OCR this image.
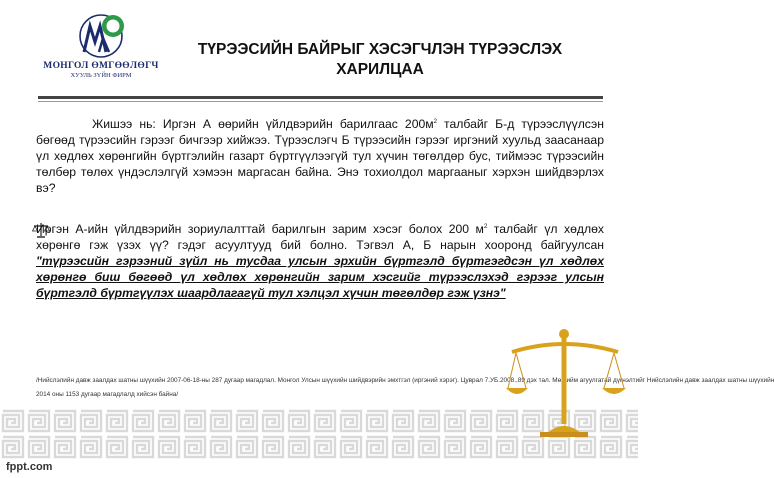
МОНГОЛ ӨМГӨӨЛӨГЧ
ХУУЛЬ ЗҮЙН ФИРМ
ТҮРЭЭСИЙН БАЙРЫГ ХЭСЭГЧЛЭН ТҮРЭЭСЛЭХ
ХАРИЛЦАА
Жишээ нь: Иргэн А өөрийн үйлдвэрийн барилгаас $200м^2$ талбайг Б-д түрээслүүлсэн бөгөөд түрээсийн гэрээг бичгээр хийжээ. Түрээслэгч Б түрээсийн гэрээг иргэний хуульд заасанаар үл хөдлөх хөрөнгийн бүртгэлийн газарт бүртгүүлээгүй тул хүчин төгөлдөр бус, тиймээс түрээсийн төлбөр төлөх үндэслэлгүй хэмээн маргасан байна. Энэ тохиолдол маргааныг хэрхэн шийдвэрлэх вэ?
Иргэн А-ийн үйлдвэрийн зориулалттай барилгын зарим хэсэг болох 200 $м^2$ талбайг үл хөдлөх хөрөнгө гэж үзэх үү? гэдэг асуултууд бий болно. Тэгвэл А, Б нарын хооронд байгуулсан "түрээсийн гэрээний зүйл нь тусдаа улсын эрхийн бүртгэлд бүртгэгдсэн үл хөдлөх хөрөнгө биш бөгөөд үл хөдлөх хөрөнгийн зарим хэсгийг түрээслэхэд гэрээг улсын бүртгэлд бүртгүүлэх шаардлагагүй тул хэлцэл хүчин төгөлдөр гэж үзнэ"
/Нийслэлийн давж заалдах шатны шүүхийн 2007-06-18-ны 287 дугаар магадлал. Монгол Улсын шүүхийн шийдвэрийн эмхтгэл (иргэний хэрэг). Цуврал 7.УБ.2008.,89 дэх тал. Мөн ийм агуулгатай дүгнэлтийг Нийслэлийн давж заалдах шатны шүүхийн
2014 оны 1153 дугаар магадлалд хийсэн байна/
fppt.com
